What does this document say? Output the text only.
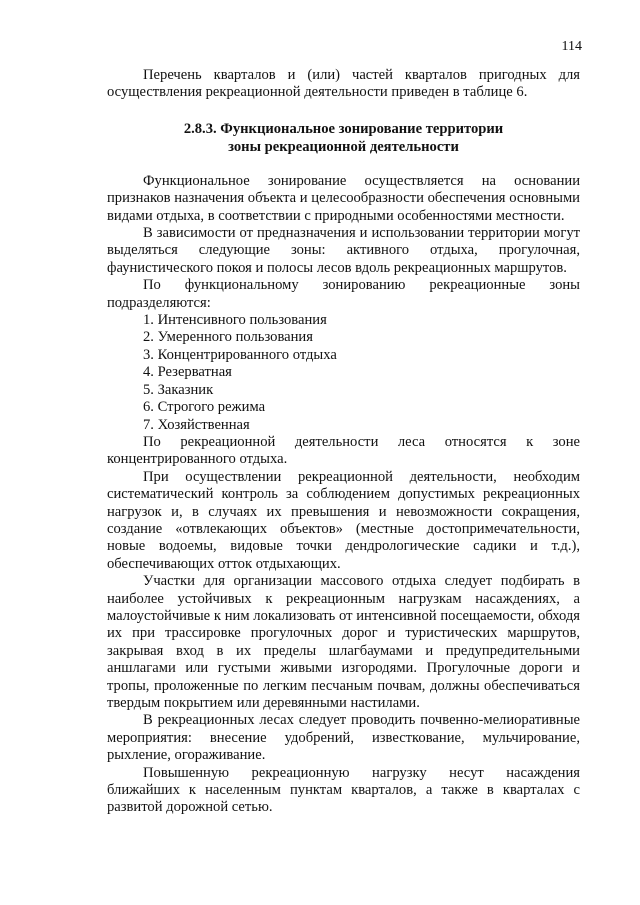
114

Перечень кварталов и (или) частей кварталов пригодных для осуществления рекреационной деятельности приведен в таблице 6.

2.8.3. Функциональное зонирование территории
зоны рекреационной деятельности

Функциональное зонирование осуществляется на основании признаков назначения объекта и целесообразности обеспечения основными видами отдыха, в соответствии с природными особенностями местности.

В зависимости от предназначения и использовании территории могут выделяться следующие зоны: активного отдыха, прогулочная, фаунистического покоя и полосы лесов вдоль рекреационных маршрутов.

По функциональному зонированию рекреационные зоны подразделяются:

1. Интенсивного пользования
2. Умеренного пользования
3. Концентрированного отдыха
4. Резерватная
5. Заказник
6. Строгого режима
7. Хозяйственная

По рекреационной деятельности леса относятся к зоне концентрированного отдыха.

При осуществлении рекреационной деятельности, необходим систематический контроль за соблюдением допустимых рекреационных нагрузок и, в случаях их превышения и невозможности сокращения, создание «отвлекающих объектов» (местные достопримечательности, новые водоемы, видовые точки дендрологические садики и т.д.), обеспечивающих отток отдыхающих.

Участки для организации массового отдыха следует подбирать в наиболее устойчивых к рекреационным нагрузкам насаждениях, а малоустойчивые к ним локализовать от интенсивной посещаемости, обходя их при трассировке прогулочных дорог и туристических маршрутов, закрывая вход в их пределы шлагбаумами и предупредительными аншлагами или густыми живыми изгородями. Прогулочные дороги и тропы, проложенные по легким песчаным почвам, должны обеспечиваться твердым покрытием или деревянными настилами.

В рекреационных лесах следует проводить почвенно-мелиоративные мероприятия: внесение удобрений, известкование, мульчирование, рыхление, огораживание.

Повышенную рекреационную нагрузку несут насаждения ближайших к населенным пунктам кварталов, а также в кварталах с развитой дорожной сетью.
